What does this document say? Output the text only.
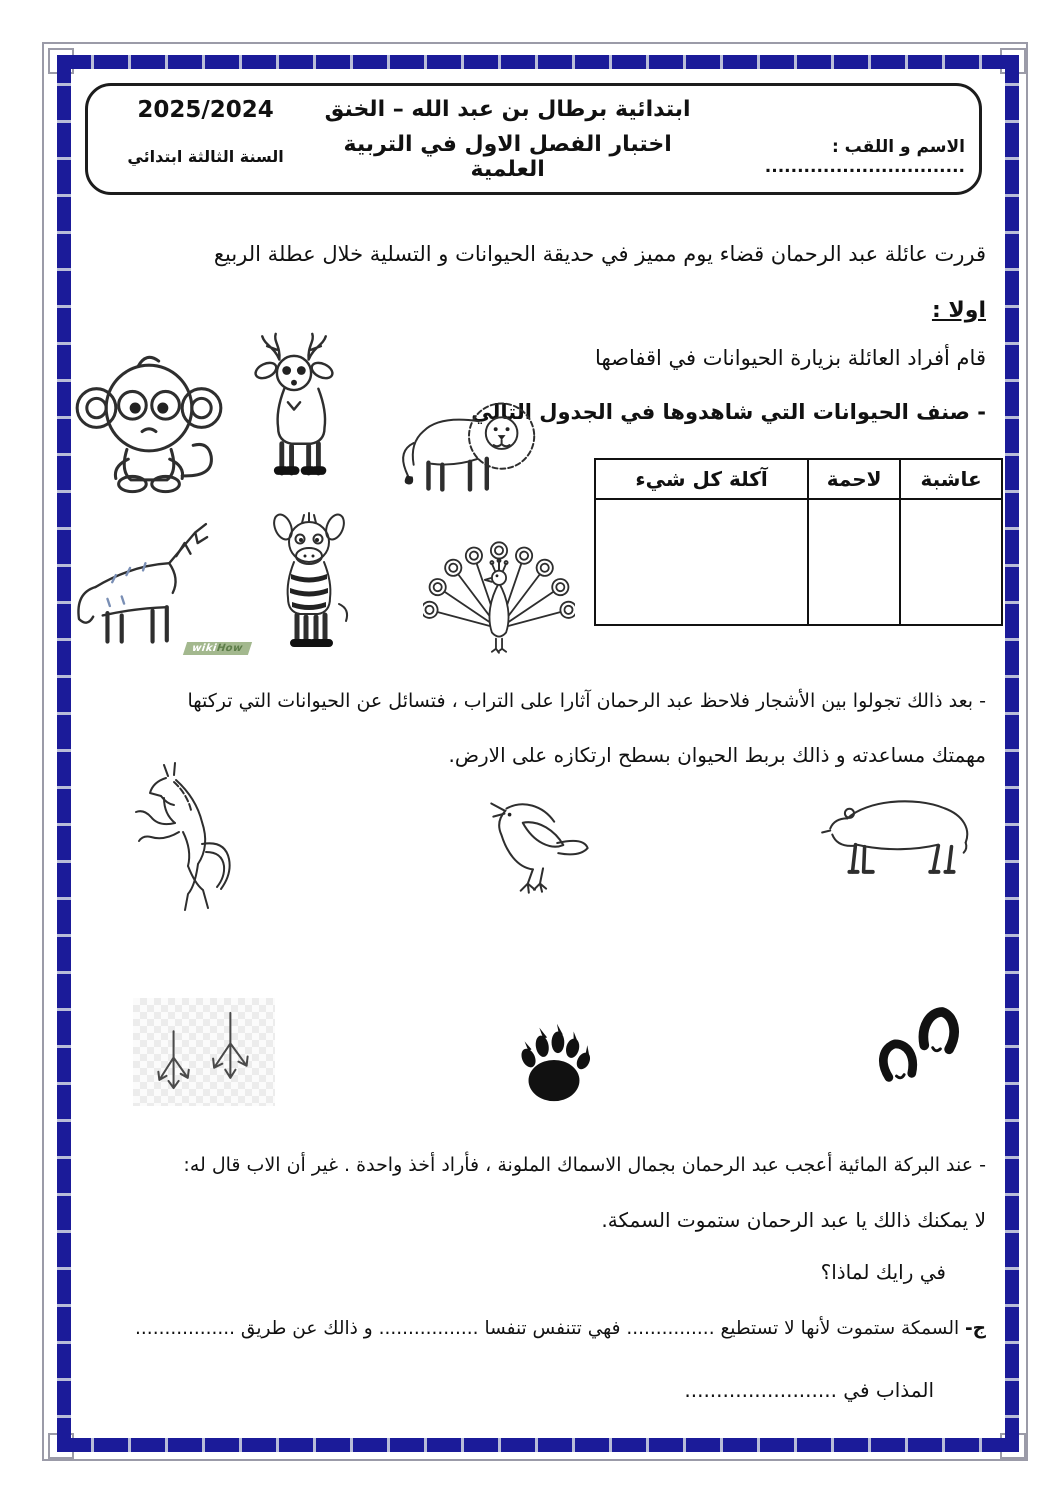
ابتدائية برطال بن عبد الله – الخنق
2025/2024
الاسم و اللقب : ...............................
اختبار الفصل الاول في التربية العلمية
السنة الثالثة ابتدائي
قررت عائلة عبد الرحمان قضاء يوم مميز في حديقة الحيوانات و التسلية خلال عطلة الربيع
اولا :
قام أفراد العائلة بزيارة الحيوانات في اقفاصها
- صنف الحيوانات التي شاهدوها في الجدول التالي
عاشبة	لاحمة	آكلة كل شيء

wikiHow
- بعد ذالك تجولوا بين الأشجار فلاحظ عبد الرحمان آثارا على التراب ، فتسائل عن الحيوانات التي تركتها
مهمتك مساعدته و ذالك بربط الحيوان بسطح ارتكازه على الارض.
- عند البركة المائية أعجب عبد الرحمان بجمال الاسماك الملونة ، فأراد أخذ واحدة . غير أن الاب قال له:
لا يمكنك ذالك يا عبد الرحمان ستموت السمكة.
في رايك لماذا؟
ج- السمكة ستموت لأنها لا تستطيع ............... فهي تتنفس تنفسا ................. و ذالك عن طريق .................
المذاب في ........................
